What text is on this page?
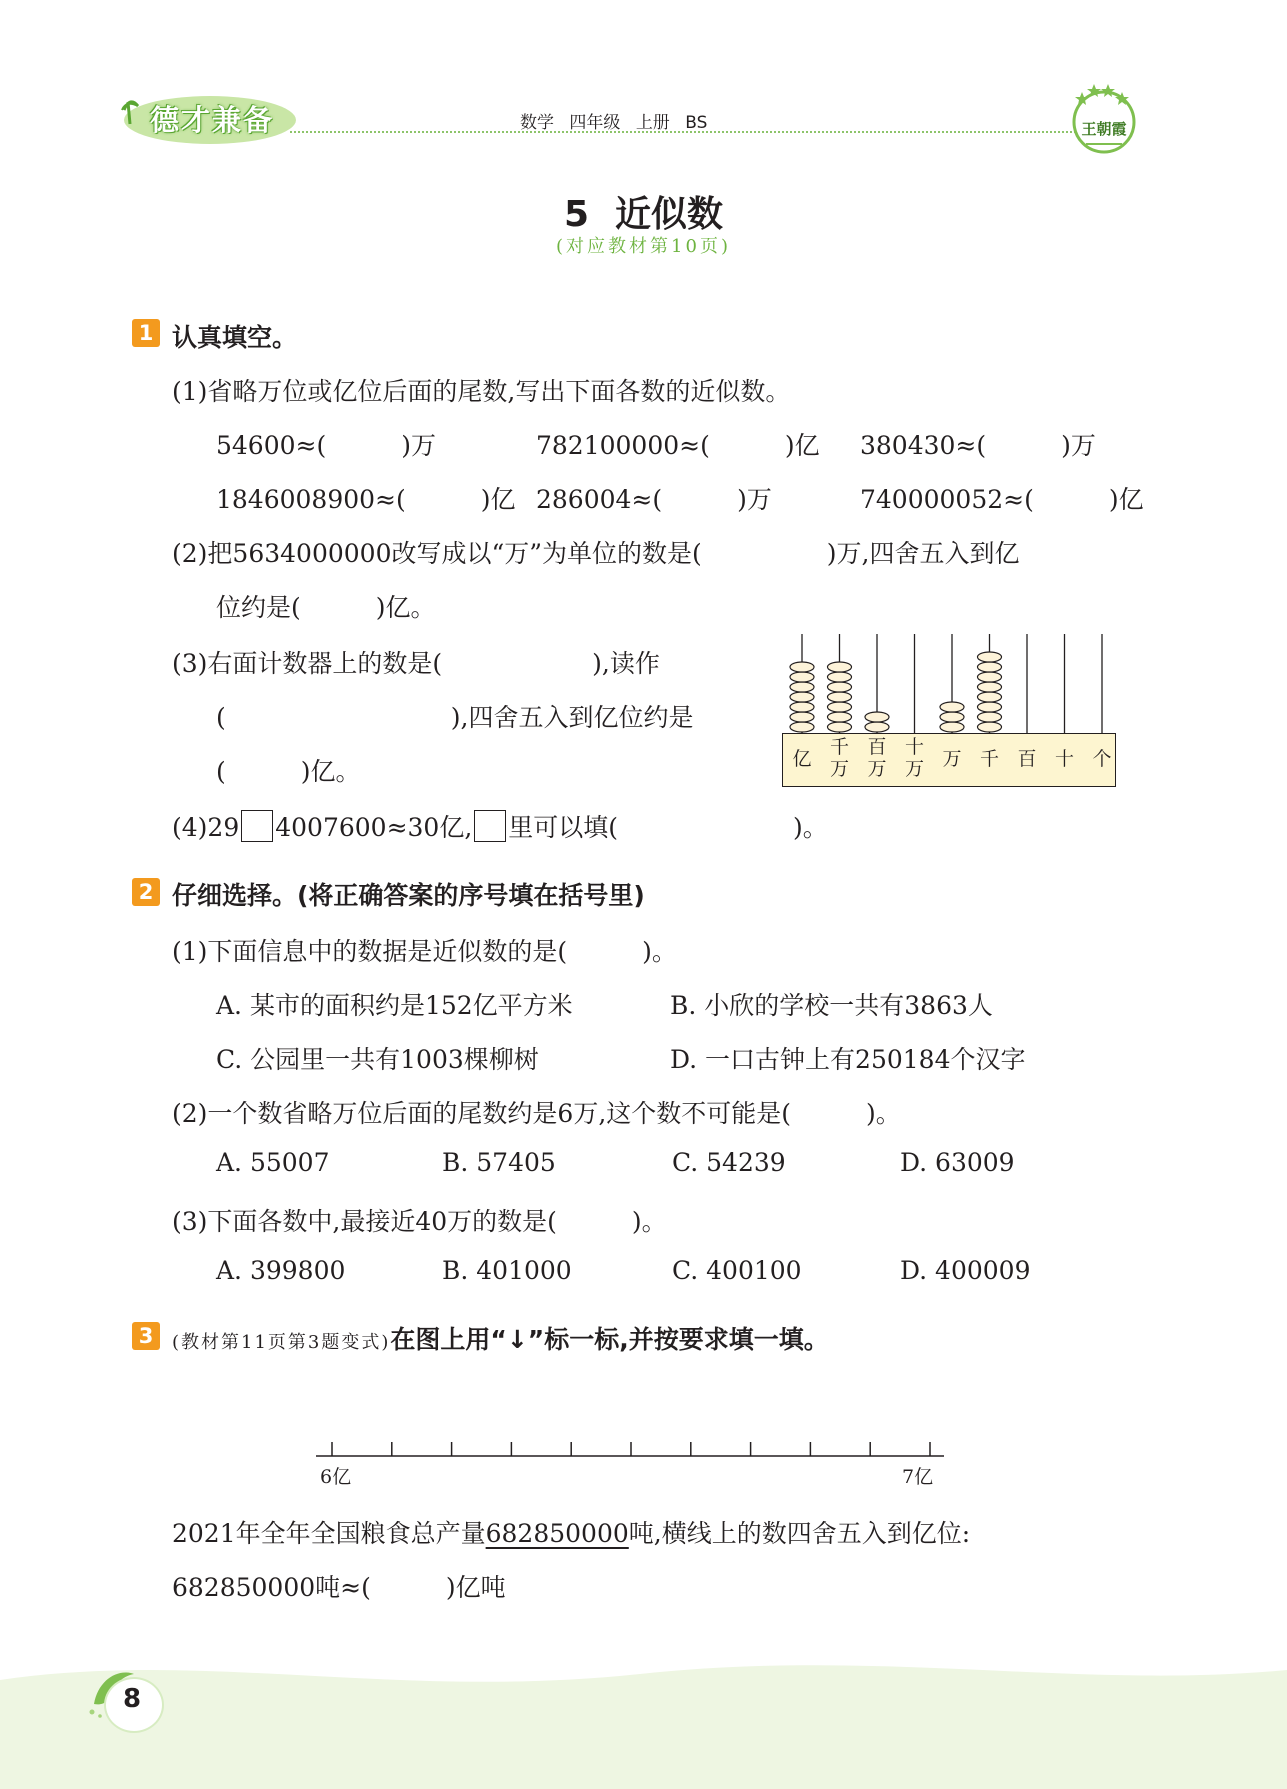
德才兼备	数学 四年级 上册 BS	王朝霞
5 近似数
(对应教材第10页)
1 认真填空。
(1)省略万位或亿位后面的尾数,写出下面各数的近似数。
54600≈(　　　)万	782100000≈(　　　)亿 380430≈(　　　)万
1846008900≈(　　　)亿 286004≈(　　　)万	740000052≈(　　　)亿
(2)把5634000000改写成以“万”为单位的数是(　　　　　)万,四舍五入到亿
位约是(　　　)亿。
(3)右面计数器上的数是(　　　　　　),读作
(　　　　　　　　　),四舍五入到亿位约是
(　　　)亿。	亿
千
万
百
万
十
万 万 千 百 十 个
(4)29 4007600≈30亿, 里可以填(　　　　　　　)。
2 仔细选择。(将正确答案的序号填在括号里)
(1)下面信息中的数据是近似数的是(　　　)。
A. 某市的面积约是152亿平方米	B. 小欣的学校一共有3863人
C. 公园里一共有1003棵柳树	D. 一口古钟上有250184个汉字
(2)一个数省略万位后面的尾数约是6万,这个数不可能是(　　　)。
A. 55007	B. 57405	C. 54239	D. 63009
(3)下面各数中,最接近40万的数是(　　　)。
A. 399800	B. 401000	C. 400100	D. 400009
3	(教材第11页第3题变式)在图上用“↓”标一标,并按要求填一填。
6亿	7亿
2021年全年全国粮食总产量682850000吨,横线上的数四舍五入到亿位:
682850000吨≈(　　　)亿吨
8
